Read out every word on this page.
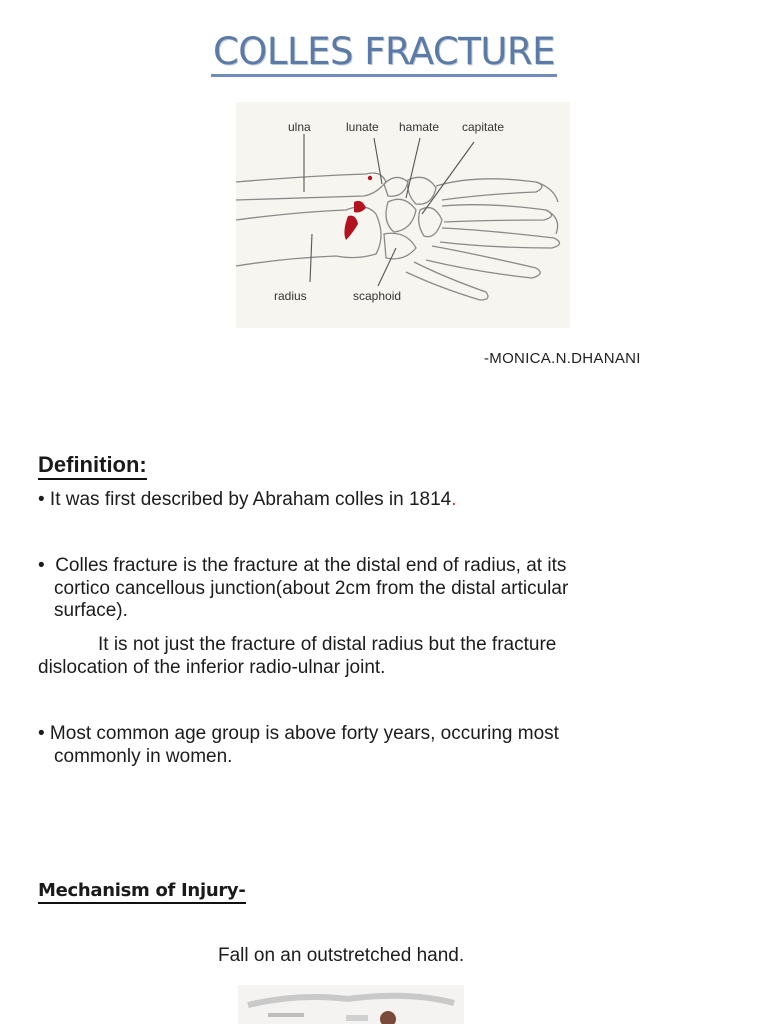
COLLES FRACTURE
ulna	lunate hamate capitate
radius	scaphoid
-MONICA.N.DHANANI
Definition:
• It was first described by Abraham colles in 1814.
•  Colles fracture is the fracture at the distal end of radius, at its
cortico cancellous junction(about 2cm from the distal articular
surface).
It is not just the fracture of distal radius but the fracture
dislocation of the inferior radio-ulnar joint.
• Most common age group is above forty years, occuring most
commonly in women.
Mechanism of Injury-
Fall on an outstretched hand.
